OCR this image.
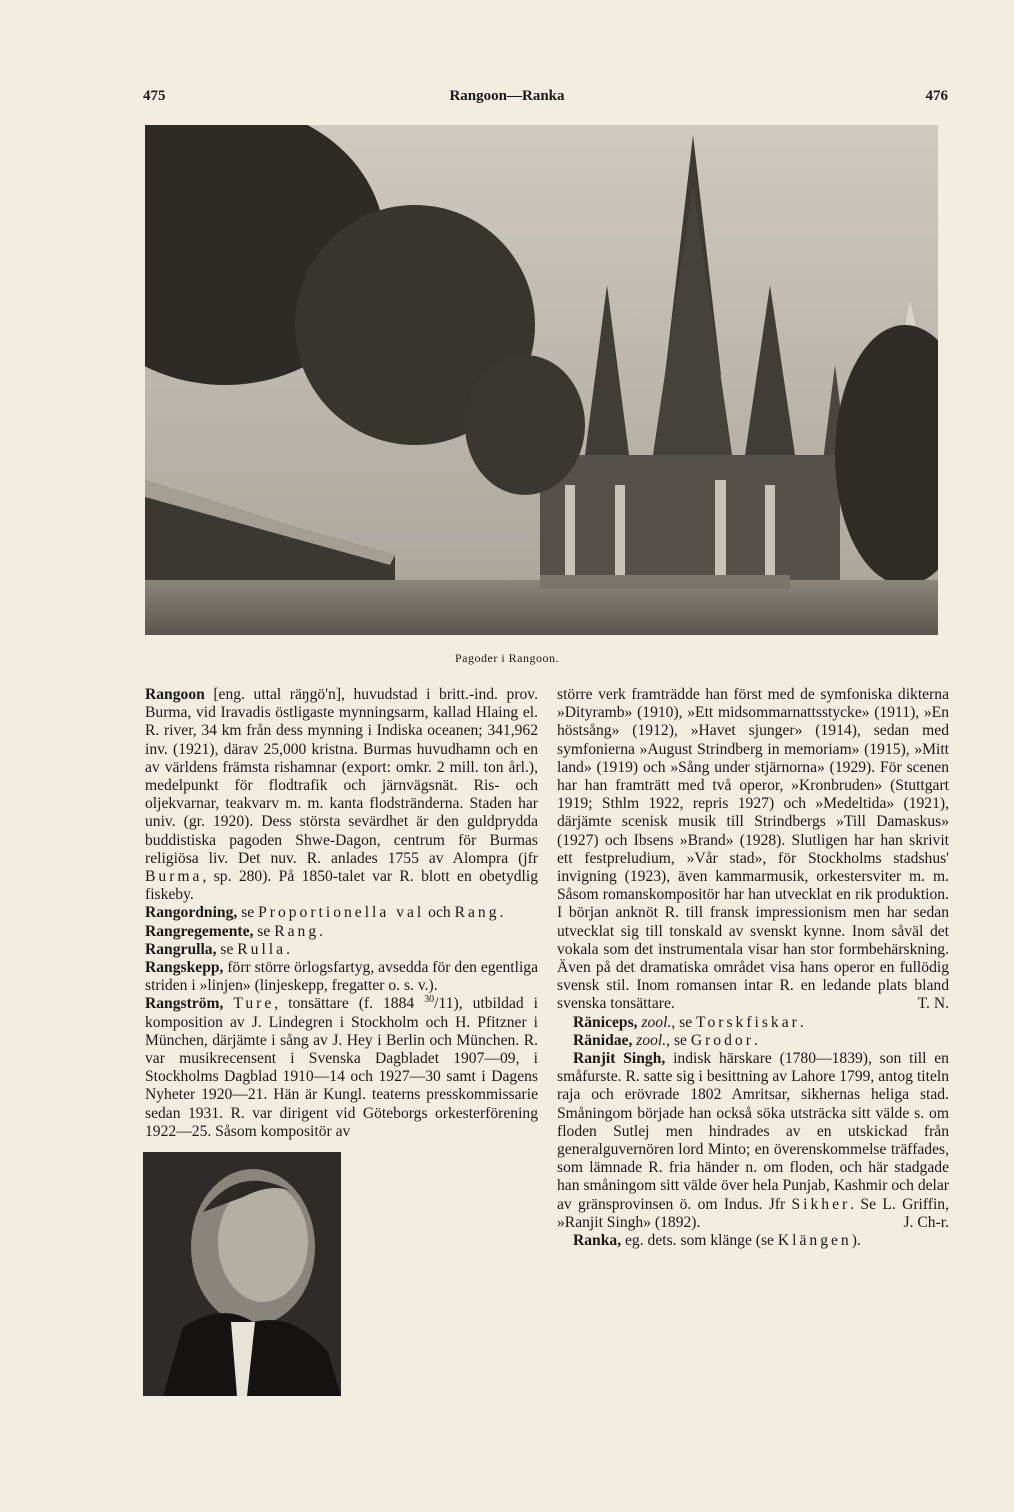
475	Rangoon—Ranka	476
Pagoder i Rangoon.

Rangoon [eng. uttal räŋgö'n], huvudstad i britt.-ind. prov. Burma, vid Iravadis östligaste mynningsarm, kallad Hlaing el. R. river, 34 km från dess mynning i Indiska oceanen; 341,962 inv. (1921), därav 25,000 kristna. Burmas huvudhamn och en av världens främsta rishamnar (export: omkr. 2 mill. ton årl.), medelpunkt för flodtrafik och järnvägsnät. Ris- och oljekvarnar, teakvarv m. m. kanta flodstränderna. Staden har univ. (gr. 1920). Dess största sevärdhet är den guldprydda buddistiska pagoden Shwe-Dagon, centrum för Burmas religiösa liv. Det nuv. R. anlades 1755 av Alompra (jfr Burma, sp. 280). På 1850-talet var R. blott en obetydlig fiskeby.

Rangordning, se Proportionella val och Rang.

Rangregemente, se Rang.

Rangrulla, se Rulla.

Rangskepp, förr större örlogsfartyg, avsedda för den egentliga striden i »linjen» (linjeskepp, fregatter o. s. v.).

Rangström, Ture, tonsättare (f. 1884 $^{30}$/11), utbildad i komposition av J. Lindegren i Stockholm och H. Pfitzner i München, därjämte i sång av J. Hey i Berlin och München. R. var musikrecensent i Svenska Dagbladet 1907—09, i Stockholms Dagblad 1910—14 och 1927—30 samt i Dagens Nyheter 1920—21. Hän är Kungl. teaterns presskommissarie sedan 1931. R. var dirigent vid Göteborgs orkesterförening 1922—25. Såsom kompositör av

större verk framträdde han först med de symfoniska dikterna »Dityramb» (1910), »Ett midsommarnattsstycke» (1911), »En höstsång» (1912), »Havet sjunger» (1914), sedan med symfonierna »August Strindberg in memoriam» (1915), »Mitt land» (1919) och »Sång under stjärnorna» (1929). För scenen har han framträtt med två operor, »Kronbruden» (Stuttgart 1919; Sthlm 1922, repris 1927) och »Medeltida» (1921), därjämte scenisk musik till Strindbergs »Till Damaskus» (1927) och Ibsens »Brand» (1928). Slutligen har han skrivit ett festpreludium, »Vår stad», för Stockholms stadshus' invigning (1923), även kammarmusik, orkestersviter m. m. Såsom romanskompositör har han utvecklat en rik produktion. I början anknöt R. till fransk impressionism men har sedan utvecklat sig till tonskald av svenskt kynne. Inom såväl det vokala som det instrumentala visar han stor formbehärskning. Även på det dramatiska området visa hans operor en fullödig svensk stil. Inom romansen intar R. en ledande plats bland svenska tonsättare.	T. N.

Räniceps, zool., se Torskfiskar.

Ränidae, zool., se Grodor.

Ranjit Singh, indisk härskare (1780—1839), son till en småfurste. R. satte sig i besittning av Lahore 1799, antog titeln raja och erövrade 1802 Amritsar, sikhernas heliga stad. Småningom började han också söka utsträcka sitt välde s. om floden Sutlej men hindrades av en utskickad från generalguvernören lord Minto; en överenskommelse träffades, som lämnade R. fria händer n. om floden, och här stadgade han småningom sitt välde över hela Punjab, Kashmir och delar av gränsprovinsen ö. om Indus. Jfr Sikher. Se L. Griffin, »Ranjit Singh» (1892).	J. Ch-r.

Ranka, eg. dets. som klänge (se Klängen).
